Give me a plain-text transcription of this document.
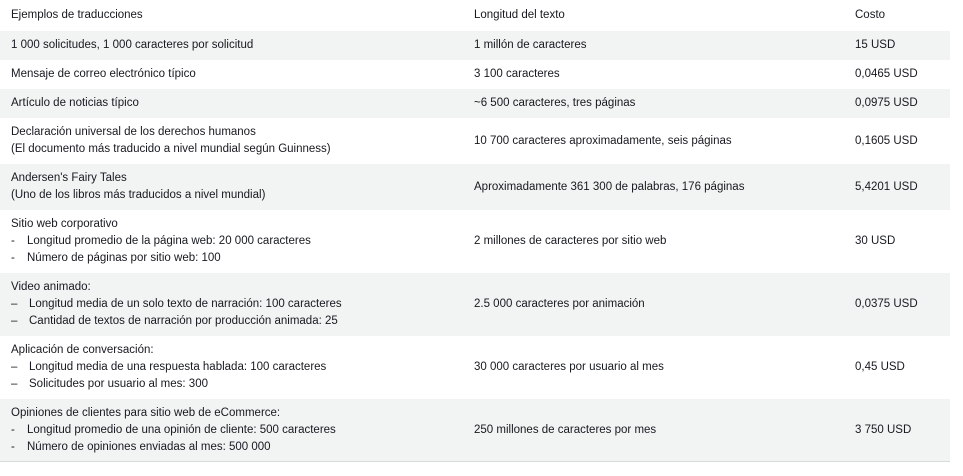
Ejemplos de traducciones	Longitud del texto	Costo
1 000 solicitudes, 1 000 caracteres por solicitud	1 millón de caracteres	15 USD
Mensaje de correo electrónico típico	3 100 caracteres	0,0465 USD
Artículo de noticias típico	~6 500 caracteres, tres páginas	0,0975 USD
Declaración universal de los derechos humanos
(El documento más traducido a nivel mundial según Guinness)
10 700 caracteres aproximadamente, seis páginas	0,1605 USD
Andersen's Fairy Tales
(Uno de los libros más traducidos a nivel mundial)
Aproximadamente 361 300 de palabras, 176 páginas	5,4201 USD
Sitio web corporativo
-	Longitud promedio de la página web: 20 000 caracteres
-	Número de páginas por sitio web: 100
2 millones de caracteres por sitio web	30 USD
Video animado:
–	Longitud media de un solo texto de narración: 100 caracteres
–	Cantidad de textos de narración por producción animada: 25
2.5 000 caracteres por animación	0,0375 USD
Aplicación de conversación:
–	Longitud media de una respuesta hablada: 100 caracteres
–	Solicitudes por usuario al mes: 300
30 000 caracteres por usuario al mes	0,45 USD
Opiniones de clientes para sitio web de eCommerce:
-	Longitud promedio de una opinión de cliente: 500 caracteres
-	Número de opiniones enviadas al mes: 500 000
250 millones de caracteres por mes	3 750 USD
